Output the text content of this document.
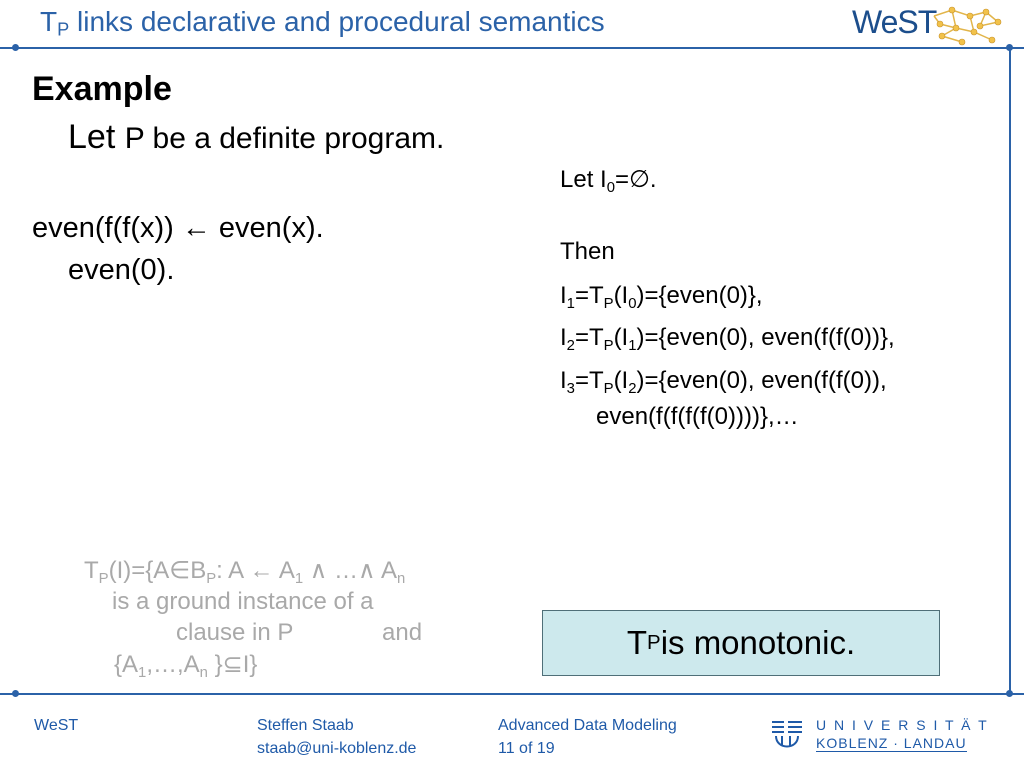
$T_P$ links declarative and procedural semantics	WeST
Example
Let P be a definite program.
even(f(f(x)) ← even(x).
even(0).
Let $I_0=\emptyset$.
Then
$I_1=T_P(I_0)=\{even(0)\}$,
$I_2=T_P(I_1)=\{even(0)$, even(f(f(0))},
$I_3=T_P(I_2)=\{even(0)$, even(f(f(0)),
even(f(f(f(f(0))))},…
$T_P(I)=\{A\in B_P$: A ← $A_1$ ∧ …∧ $A_n$
is a ground instance of a
clause in P	and
{$A_1,\dots,A_n$ }⊆I}
T P is monotonic.
WeST	Steffen Staab
staab@uni-koblenz.de
Advanced Data Modeling
11 of 19
U N I V E R S I T Ä T
KOBLENZ · LANDAU
